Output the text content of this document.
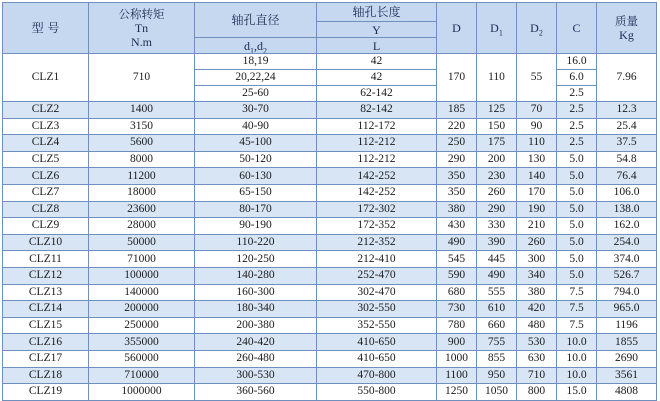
型 号	公称转矩
Tn
N.m	轴孔直径	轴孔长度	D	$D_1$	$D_2$	C	质量
Kg
			Y					
		$d_1,d_2$	L					
CLZ1	710	18,19	42	170	110	55	16.0	7.96
		20,22,24	42				6.0	
		25-60	62-142				2.5	
CLZ2	1400	30-70	82-142	185	125	70	2.5	12.3
CLZ3	3150	40-90	112-172	220	150	90	2.5	25.4
CLZ4	5600	45-100	112-212	250	175	110	2.5	37.5
CLZ5	8000	50-120	112-212	290	200	130	5.0	54.8
CLZ6	11200	60-130	142-252	350	230	140	5.0	76.4
CLZ7	18000	65-150	142-252	350	260	170	5.0	106.0
CLZ8	23600	80-170	172-302	380	290	190	5.0	138.0
CLZ9	28000	90-190	172-352	430	330	210	5.0	162.0
CLZ10	50000	110-220	212-352	490	390	260	5.0	254.0
CLZ11	71000	120-250	212-410	545	445	300	5.0	374.0
CLZ12	100000	140-280	252-470	590	490	340	5.0	526.7
CLZ13	140000	160-300	302-470	680	555	380	7.5	794.0
CLZ14	200000	180-340	302-550	730	610	420	7.5	965.0
CLZ15	250000	200-380	352-550	780	660	480	7.5	1196
CLZ16	355000	240-420	410-650	900	755	530	10.0	1855
CLZ17	560000	260-480	410-650	1000	855	630	10.0	2690
CLZ18	710000	300-530	470-800	1100	950	710	10.0	3561
CLZ19	1000000	360-560	550-800	1250	1050	800	15.0	4808
